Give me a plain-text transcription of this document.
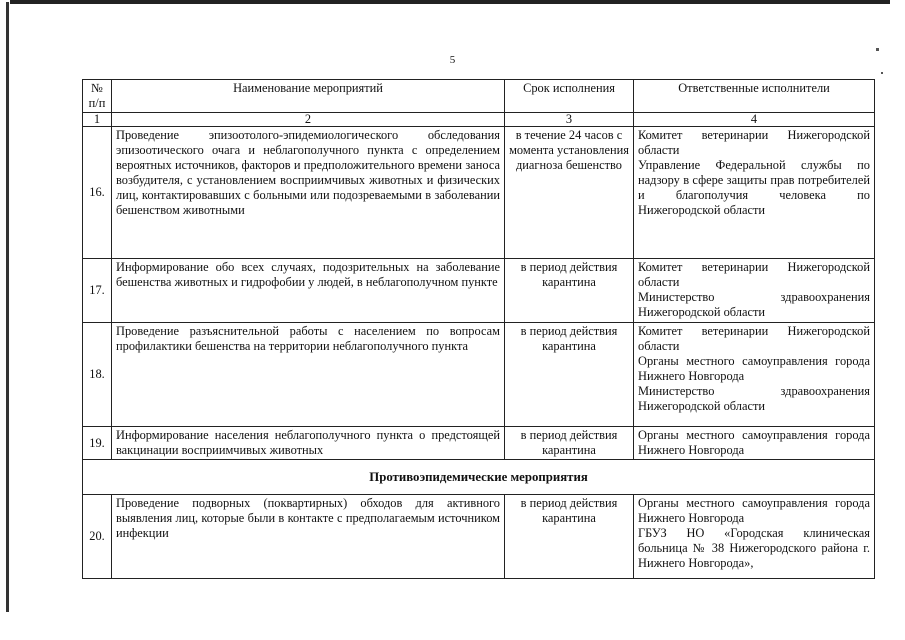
5
№ п/п	Наименование мероприятий	Срок исполнения	Ответственные исполнители
1	2	3	4
16.	Проведение эпизоотолого-эпидемиологического обследования эпизоотического очага и неблагополучного пункта с определением вероятных источников, факторов и предположительного времени заноса возбудителя, с установлением восприимчивых животных и физических лиц, контактировавших с больными или подозреваемыми в заболевании бешенством животными	в течение 24 часов с момента установления диагноза бешенство	Комитет ветеринарии Нижегородской области
Управление Федеральной службы по надзору в сфере защиты прав потребителей и благополучия человека по Нижегородской области

17.	Информирование обо всех случаях, подозрительных на заболевание бешенства животных и гидрофобии у людей, в неблагополучном пункте	в период действия карантина	Комитет ветеринарии Нижегородской области
Министерство здравоохранения Нижегородской области

18.	Проведение разъяснительной работы с населением по вопросам профилактики бешенства на территории неблагополучного пункта	в период действия карантина	Комитет ветеринарии Нижегородской области
Органы местного самоуправления города Нижнего Новгорода
Министерство здравоохранения Нижегородской области

19.	Информирование населения неблагополучного пункта о предстоящей вакцинации восприимчивых животных	в период действия карантина	Органы местного самоуправления города Нижнего Новгорода

Противоэпидемические мероприятия			
20.	Проведение подворных (поквартирных) обходов для активного выявления лиц, которые были в контакте с предполагаемым источником инфекции	в период действия карантина	Органы местного самоуправления города Нижнего Новгорода
ГБУЗ НО «Городская клиническая больница № 38 Нижегородского района г. Нижнего Новгорода»,
